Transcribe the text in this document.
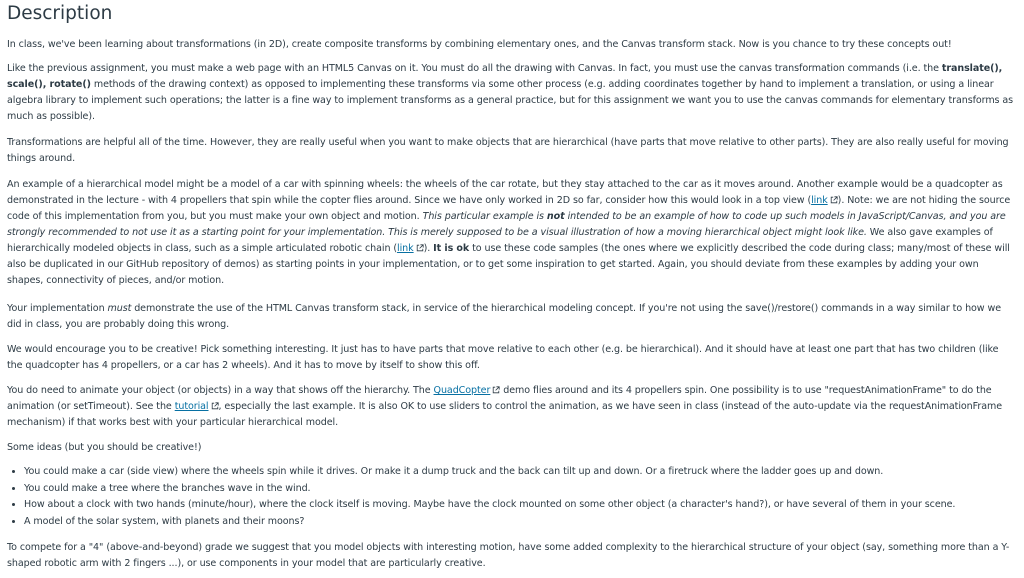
Description

In class, we've been learning about transformations (in 2D), create composite transforms by combining elementary ones, and the Canvas transform stack. Now is you chance to try these concepts out!

Like the previous assignment, you must make a web page with an HTML5 Canvas on it. You must do all the drawing with Canvas. In fact, you must use the canvas transformation commands (i.e. the translate(), scale(), rotate() methods of the drawing context) as opposed to implementing these transforms via some other process (e.g. adding coordinates together by hand to implement a translation, or using a linear algebra library to implement such operations; the latter is a fine way to implement transforms as a general practice, but for this assignment we want you to use the canvas commands for elementary transforms as much as possible).

Transformations are helpful all of the time. However, they are really useful when you want to make objects that are hierarchical (have parts that move relative to other parts). They are also really useful for moving things around.

An example of a hierarchical model might be a model of a car with spinning wheels: the wheels of the car rotate, but they stay attached to the car as it moves around. Another example would be a quadcopter as demonstrated in the lecture - with 4 propellers that spin while the copter flies around. Since we have only worked in 2D so far, consider how this would look in a top view (link ). Note: we are not hiding the source code of this implementation from you, but you must make your own object and motion. This particular example is not intended to be an example of how to code up such models in JavaScript/Canvas, and you are strongly recommended to not use it as a starting point for your implementation. This is merely supposed to be a visual illustration of how a moving hierarchical object might look like. We also gave examples of hierarchically modeled objects in class, such as a simple articulated robotic chain (link ). It is ok to use these code samples (the ones where we explicitly described the code during class; many/most of these will also be duplicated in our GitHub repository of demos) as starting points in your implementation, or to get some inspiration to get started. Again, you should deviate from these examples by adding your own shapes, connectivity of pieces, and/or motion.

Your implementation must demonstrate the use of the HTML Canvas transform stack, in service of the hierarchical modeling concept. If you're not using the save()/restore() commands in a way similar to how we did in class, you are probably doing this wrong.

We would encourage you to be creative! Pick something interesting. It just has to have parts that move relative to each other (e.g. be hierarchical). And it should have at least one part that has two children (like the quadcopter has 4 propellers, or a car has 2 wheels). And it has to move by itself to show this off.

You do need to animate your object (or objects) in a way that shows off the hierarchy. The QuadCopter
demo flies around and its 4 propellers spin. One possibility is to use "requestAnimationFrame" to do the animation (or setTimeout). See the tutorial , especially the last example. It is also OK to use sliders to control the animation, as we have seen in class (instead of the auto-update via the requestAnimationFrame mechanism) if that works best with your particular hierarchical model.

Some ideas (but you should be creative!)

• You could make a car (side view) where the wheels spin while it drives. Or make it a dump truck and the back can tilt up and down. Or a firetruck where the ladder goes up and down.
• You could make a tree where the branches wave in the wind.
• How about a clock with two hands (minute/hour), where the clock itself is moving. Maybe have the clock mounted on some other object (a character's hand?), or have several of them in your scene.
• A model of the solar system, with planets and their moons?

To compete for a "4" (above-and-beyond) grade we suggest that you model objects with interesting motion, have some added complexity to the hierarchical structure of your object (say, something more than a Y-shaped robotic arm with 2 fingers ...), or use components in your model that are particularly creative.
